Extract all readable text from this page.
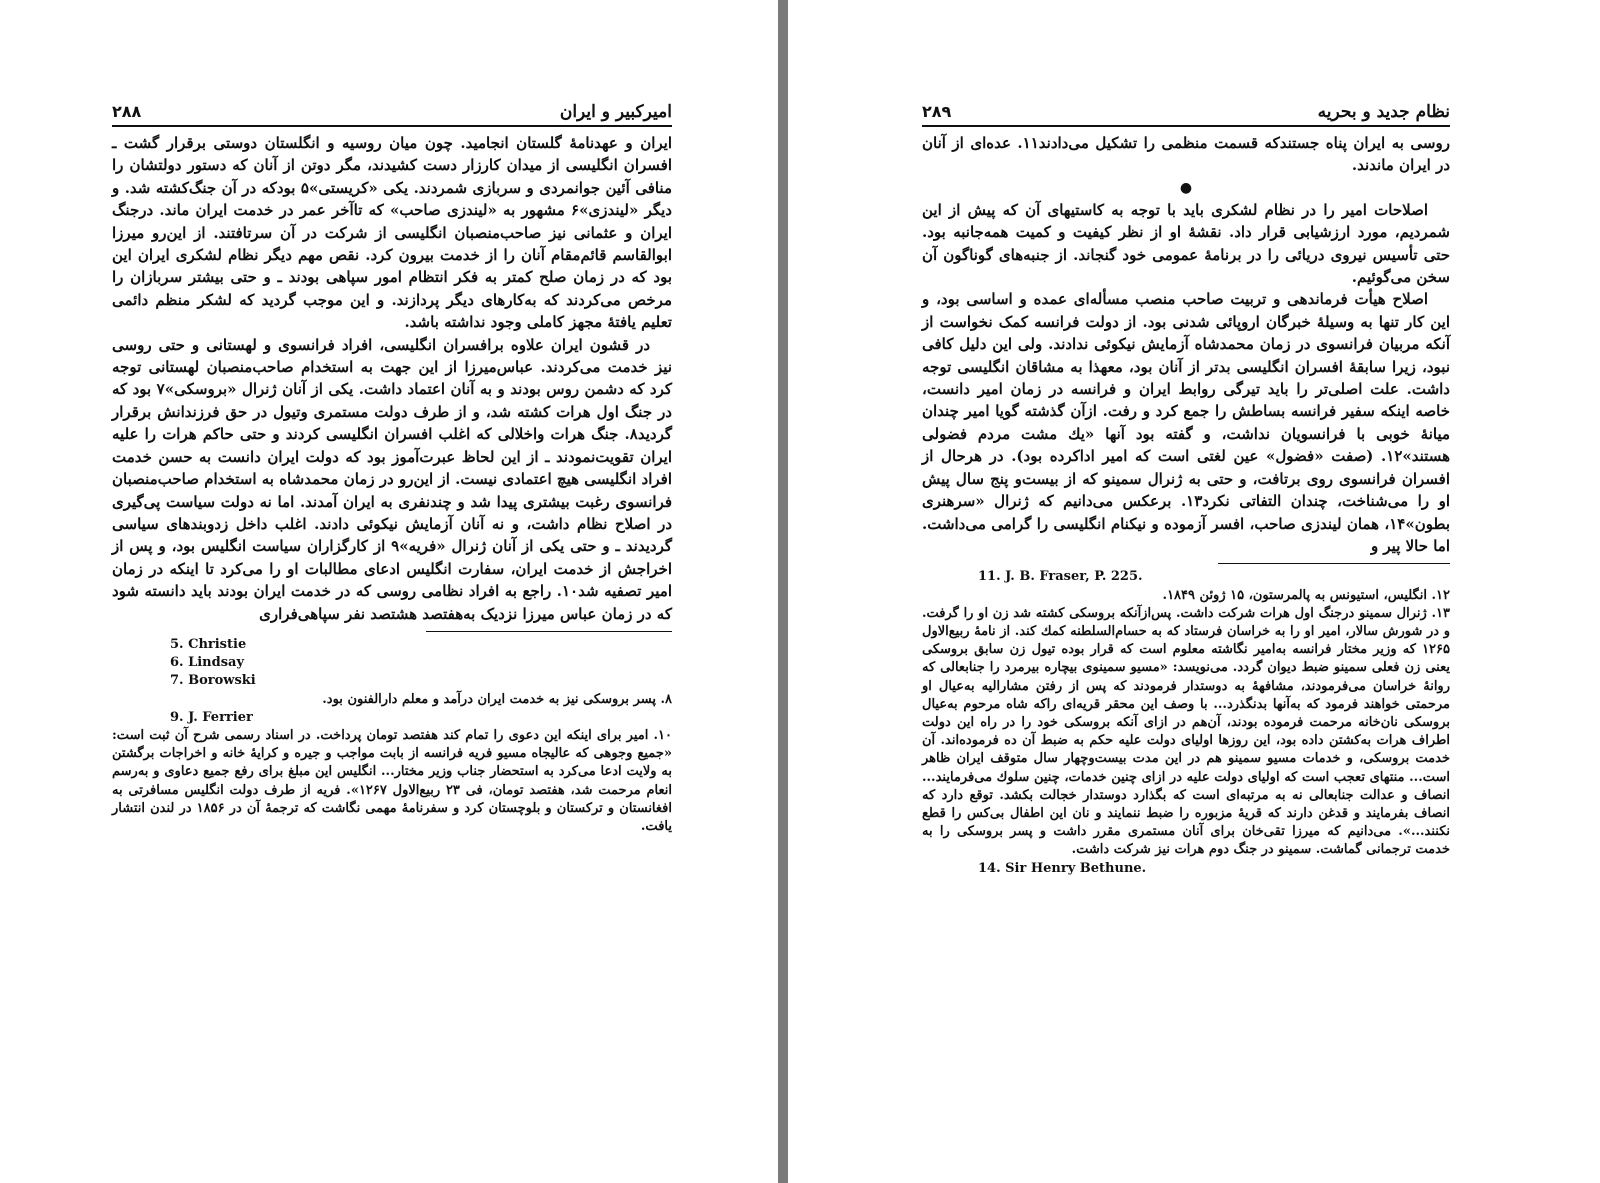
امیرکبیر و ایران
۲۸۸

ایران و عهدنامهٔ گلستان انجامید. چون میان روسیه و انگلستان دوستی برقرار گشت ـ افسران انگلیسی از میدان کارزار دست کشیدند، مگر دوتن از آنان که دستور دولتشان را منافی آئین جوانمردی و سربازی شمردند. یکی «کریستی»۵ بودکه در آن جنگ‌کشته شد. و دیگر «لیندزی»۶ مشهور به «لیندزی صاحب» که تاآخر عمر در خدمت ایران ماند. درجنگ ایران و عثمانی نیز صاحب‌منصبان انگلیسی از شرکت در آن سرتافتند. از این‌رو میرزا ابوالقاسم قائم‌مقام آنان را از خدمت بیرون کرد. نقص مهم دیگر نظام لشکری ایران این بود که در زمان صلح کمتر به فکر انتظام امور سپاهی بودند ـ و حتی بیشتر سربازان را مرخص می‌کردند که به‌کارهای دیگر پردازند. و این موجب گردید که لشکر منظم دائمی تعلیم یافتهٔ مجهز کاملی وجود نداشته باشد.

در قشون ایران علاوه برافسران انگلیسی، افراد فرانسوی و لهستانی و حتی روسی نیز خدمت می‌کردند. عباس‌میرزا از این جهت به استخدام صاحب‌منصبان لهستانی توجه کرد که دشمن روس بودند و به آنان اعتماد داشت. یکی از آنان ژنرال «بروسکی»۷ بود که در جنگ اول هرات کشته شد، و از طرف دولت مستمری وتیول در حق فرزندانش برقرار گردید۸. جنگ هرات واخلالی که اغلب افسران انگلیسی کردند و حتی حاکم هرات را علیه ایران تقویت‌نمودند ـ از این لحاظ عبرت‌آموز بود که دولت ایران دانست به حسن خدمت افراد انگلیسی هیچ اعتمادی نیست. از این‌رو در زمان محمدشاه به استخدام صاحب‌منصبان فرانسوی رغبت بیشتری پیدا شد و چندنفری به ایران آمدند. اما نه دولت سیاست پی‌گیری در اصلاح نظام داشت، و نه آنان آزمایش نیکوئی دادند. اغلب داخل زدوبندهای سیاسی گردیدند ـ و حتی یکی از آنان ژنرال «فریه»۹ از کارگزاران سیاست انگلیس بود، و پس از اخراجش از خدمت ایران، سفارت انگلیس ادعای مطالبات او را می‌کرد تا اینکه در زمان امیر تصفیه شد۱۰. راجع به افراد نظامی روسی که در خدمت ایران بودند باید دانسته شود که در زمان عباس میرزا نزدیک به‌هفتصد هشتصد نفر سپاهی‌فراری

5. Christie

6. Lindsay

7. Borowski

۸. پسر بروسکی نیز به خدمت ایران درآمد و معلم دارالفنون بود.

9. J. Ferrier

۱۰. امیر برای اینکه این دعوی را تمام کند هفتصد تومان پرداخت. در اسناد رسمی شرح آن ثبت است: «جمیع وجوهی که عالیجاه مسیو فریه فرانسه از بابت مواجب و جیره و کرایهٔ خانه و اخراجات برگشتن به ولایت ادعا می‌کرد به استحضار جناب وزیر مختار... انگلیس این مبلغ برای رفع جمیع دعاوی و به‌رسم انعام مرحمت شد، هفتصد تومان، فی ۲۳ ربیع‌الاول ۱۲۶۷». فریه از طرف دولت انگلیس مسافرتی به افغانستان و ترکستان و بلوچستان کرد و سفرنامهٔ مهمی نگاشت که ترجمهٔ آن در ۱۸۵۶ در لندن انتشار یافت.

نظام جدید و بحریه
۲۸۹

روسی به ایران پناه جستندکه قسمت منظمی را تشکیل می‌دادند۱۱. عده‌ای از آنان در ایران ماندند.

●

اصلاحات امیر را در نظام لشکری باید با توجه به کاستیهای آن که پیش از این شمردیم، مورد ارزشیابی قرار داد. نقشهٔ او از نظر کیفیت و کمیت همه‌جانبه بود. حتی تأسیس نیروی دریائی را در برنامهٔ عمومی خود گنجاند. از جنبه‌های گوناگون آن سخن می‌گوئیم.

اصلاح هیأت فرماندهی و تربیت صاحب منصب مسأله‌ای عمده و اساسی بود، و این کار تنها به وسیلهٔ خبرگان اروپائی شدنی بود. از دولت فرانسه کمک نخواست از آنکه مربیان فرانسوی در زمان محمدشاه آزمایش نیکوئی ندادند. ولی این دلیل کافی نبود، زیرا سابقهٔ افسران انگلیسی بدتر از آنان بود، معهذا به مشاقان انگلیسی توجه داشت. علت اصلی‌تر را باید تیرگی روابط ایران و فرانسه در زمان امیر دانست، خاصه اینکه سفیر فرانسه بساطش را جمع کرد و رفت. ازآن گذشته گویا امیر چندان میانهٔ خوبی با فرانسویان نداشت، و گفته بود آنها «یك مشت مردم فضولی هستند»۱۲. (صفت «فضول» عین لغتی است که امیر اداکرده بود). در هرحال از افسران فرانسوی روی برتافت، و حتی به ژنرال سمینو که از بیست‌و پنج سال پیش او را می‌شناخت، چندان التفاتی نکرد۱۳. برعکس می‌دانیم که ژنرال «سرهنری بطون»۱۴، همان لیندزی صاحب، افسر آزموده و نیکنام انگلیسی را گرامی می‌داشت. اما حالا پیر و

11. J. B. Fraser, P. 225.

۱۲. انگلیس، استیونس به پالمرستون، ۱۵ ژوئن ۱۸۴۹.

۱۳. ژنرال سمینو درجنگ اول هرات شرکت داشت. پس‌ازآنکه بروسکی کشته شد زن او را گرفت. و در شورش سالار، امیر او را به خراسان فرستاد که به حسام‌السلطنه کمك کند. از نامهٔ ربیع‌الاول ۱۲۶۵ که وزیر مختار فرانسه به‌امیر نگاشته معلوم است که قرار بوده تیول زن سابق بروسکی یعنی زن فعلی سمینو ضبط دیوان گردد. می‌نویسد: «مسیو سمینوی بیچاره بیرمرد را جنابعالی که روانهٔ خراسان می‌فرمودند، مشافههٔ به دوستدار فرمودند که پس از رفتن مشارالیه به‌عیال او مرحمتی خواهند فرمود که به‌آنها بدنگذرد... با وصف این محقر قریه‌ای راکه شاه مرحوم به‌عیال بروسکی نان‌خانه مرحمت فرموده بودند، آن‌هم در ازای آنکه بروسکی خود را در راه این دولت اطراف هرات به‌کشتن داده بود، این روزها اولیای دولت علیه حکم به ضبط آن ده فرموده‌اند. آن خدمت بروسکی، و خدمات مسیو سمینو هم در این مدت بیست‌وچهار سال متوقف ایران ظاهر است... منتهای تعجب است که اولیای دولت علیه در ازای چنین خدمات، چنین سلوك می‌فرمایند... انصاف و عدالت جنابعالی نه به مرتبه‌ای است که بگذارد دوستدار خجالت بکشد. توقع دارد که انصاف بفرمایند و قدغن دارند که قریهٔ مزبوره را ضبط ننمایند و نان این اطفال بی‌کس را قطع نکنند...». می‌دانیم که میرزا تقی‌خان برای آنان مستمری مقرر داشت و پسر بروسکی را به خدمت ترجمانی گماشت. سمینو در جنگ دوم هرات نیز شرکت داشت.

14. Sir Henry Bethune.
